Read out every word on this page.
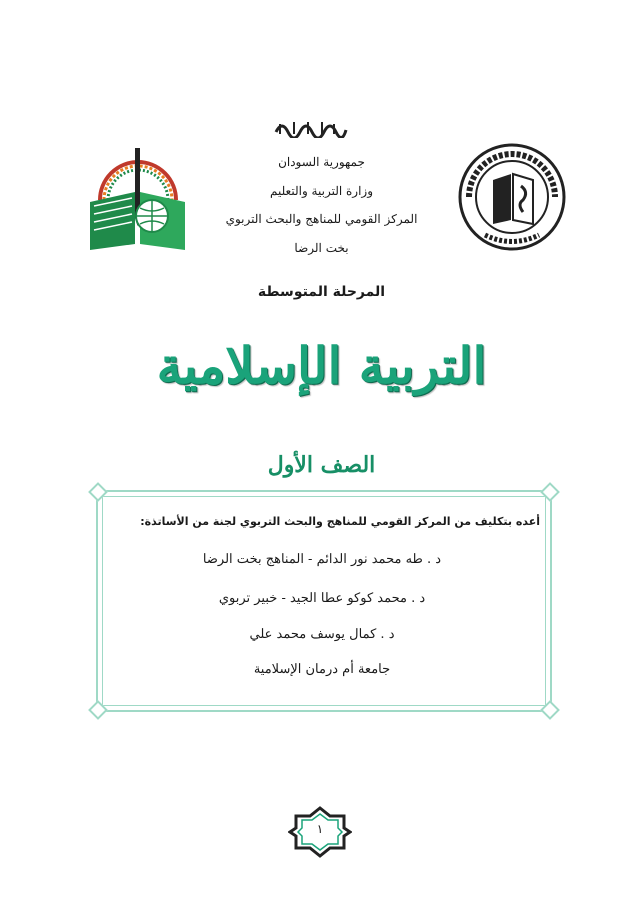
جمهورية السودان
وزارة التربية والتعليم
المركز القومي للمناهج والبحث التربوي
بخت الرضا
المرحلة المتوسطة
التربية الإسلامية
الصف الأول
أعده بتكليف من المركز القومي للمناهج والبحث التربوي لجنة من الأساتذة:
د . طه محمد نور الدائم - المناهج بخت الرضا
د . محمد كوكو عطا الجيد - خبير تربوي
د . كمال يوسف محمد علي
جامعة أم درمان الإسلامية
١
